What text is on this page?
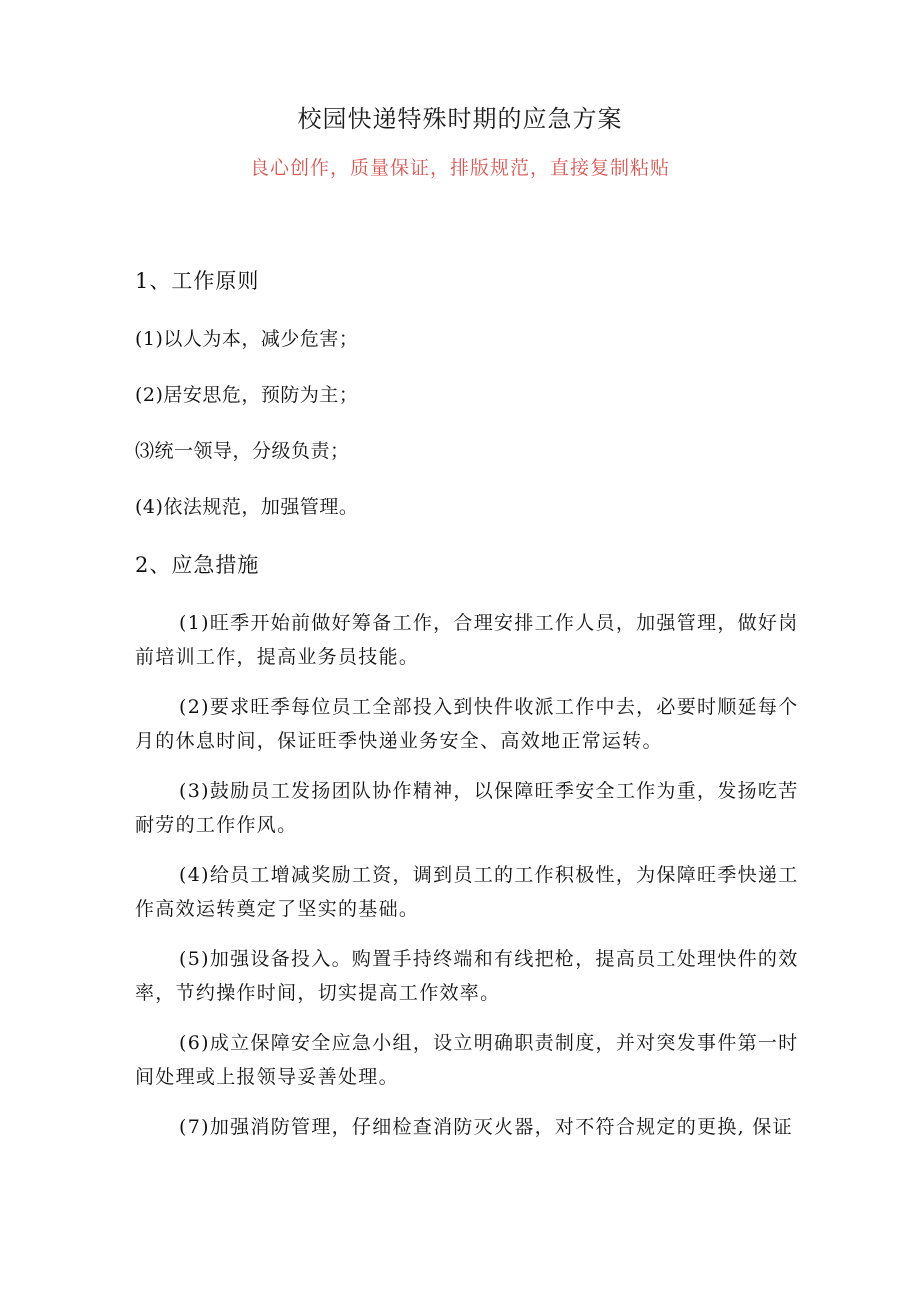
校园快递特殊时期的应急方案
良心创作，质量保证，排版规范，直接复制粘贴
1、工作原则
(1)以人为本，减少危害；
(2)居安思危，预防为主；
⑶统一领导，分级负责；
(4)依法规范，加强管理。
2、应急措施
(1)旺季开始前做好筹备工作，合理安排工作人员，加强管理，做好岗
前培训工作，提高业务员技能。
(2)要求旺季每位员工全部投入到快件收派工作中去，必要时顺延每个
月的休息时间，保证旺季快递业务安全、高效地正常运转。
(3)鼓励员工发扬团队协作精神，以保障旺季安全工作为重，发扬吃苦
耐劳的工作作风。
(4)给员工增减奖励工资，调到员工的工作积极性，为保障旺季快递工
作高效运转奠定了坚实的基础。
(5)加强设备投入。购置手持终端和有线把枪，提高员工处理快件的效
率，节约操作时间，切实提高工作效率。
(6)成立保障安全应急小组，设立明确职责制度，并对突发事件第一时
间处理或上报领导妥善处理。
(7)加强消防管理，仔细检查消防灭火器，对不符合规定的更换, 保证
